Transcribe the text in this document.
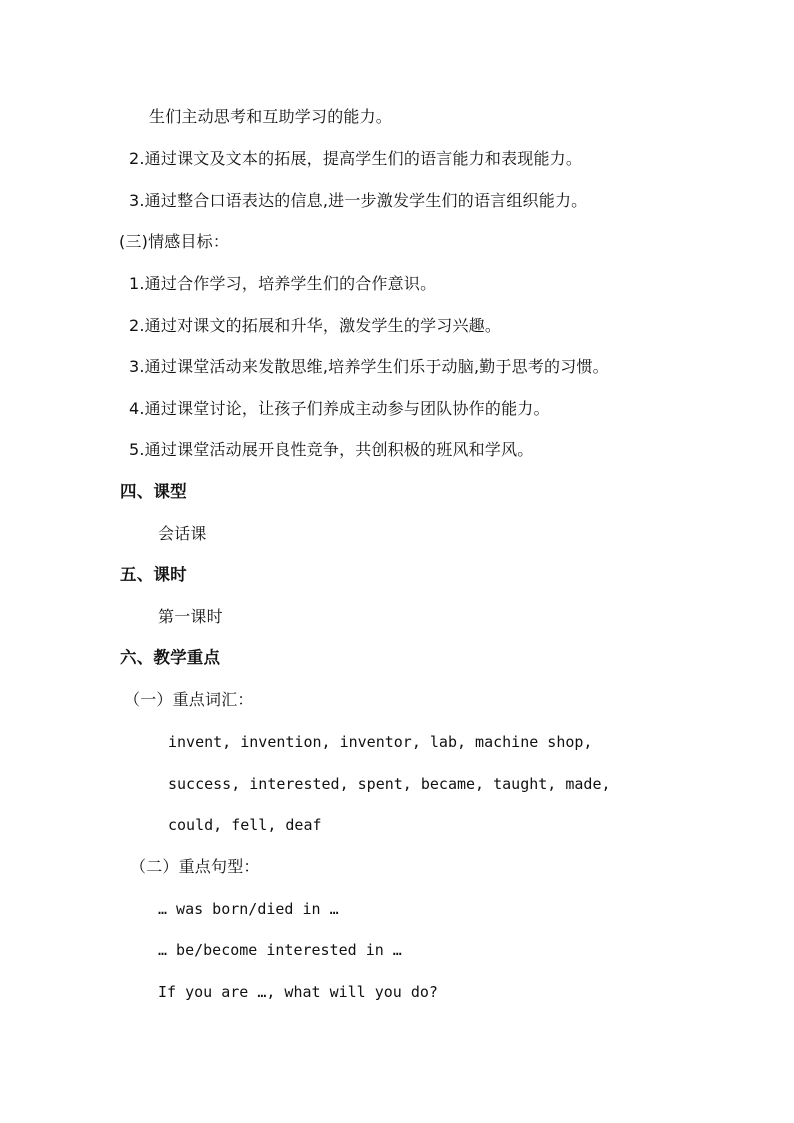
生们主动思考和互助学习的能力。
2.通过课文及文本的拓展，提高学生们的语言能力和表现能力。
3.通过整合口语表达的信息,进一步激发学生们的语言组织能力。
(三)情感目标：
1.通过合作学习，培养学生们的合作意识。
2.通过对课文的拓展和升华，激发学生的学习兴趣。
3.通过课堂活动来发散思维,培养学生们乐于动脑,勤于思考的习惯。
4.通过课堂讨论，让孩子们养成主动参与团队协作的能力。
5.通过课堂活动展开良性竞争，共创积极的班风和学风。
四、课型
会话课
五、课时
第一课时
六、教学重点
（一）重点词汇：
invent, invention, inventor, lab, machine shop,
success, interested, spent, became, taught, made,
could, fell, deaf
（二）重点句型：
… was born/died in …
… be/become interested in …
If you are …, what will you do?
